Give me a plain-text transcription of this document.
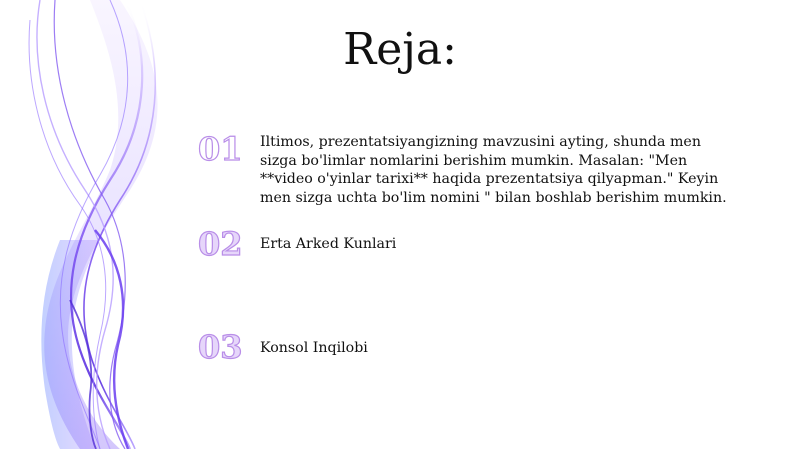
Reja:
01	Iltimos, prezentatsiyangizning mavzusini ayting, shunda men sizga bo'limlar nomlarini berishim mumkin. Masalan: "Men **video o'yinlar tarixi** haqida prezentatsiya qilyapman." Keyin men sizga uchta bo'lim nomini " bilan boshlab berishim mumkin.
02	Erta Arked Kunlari
03	Konsol Inqilobi
